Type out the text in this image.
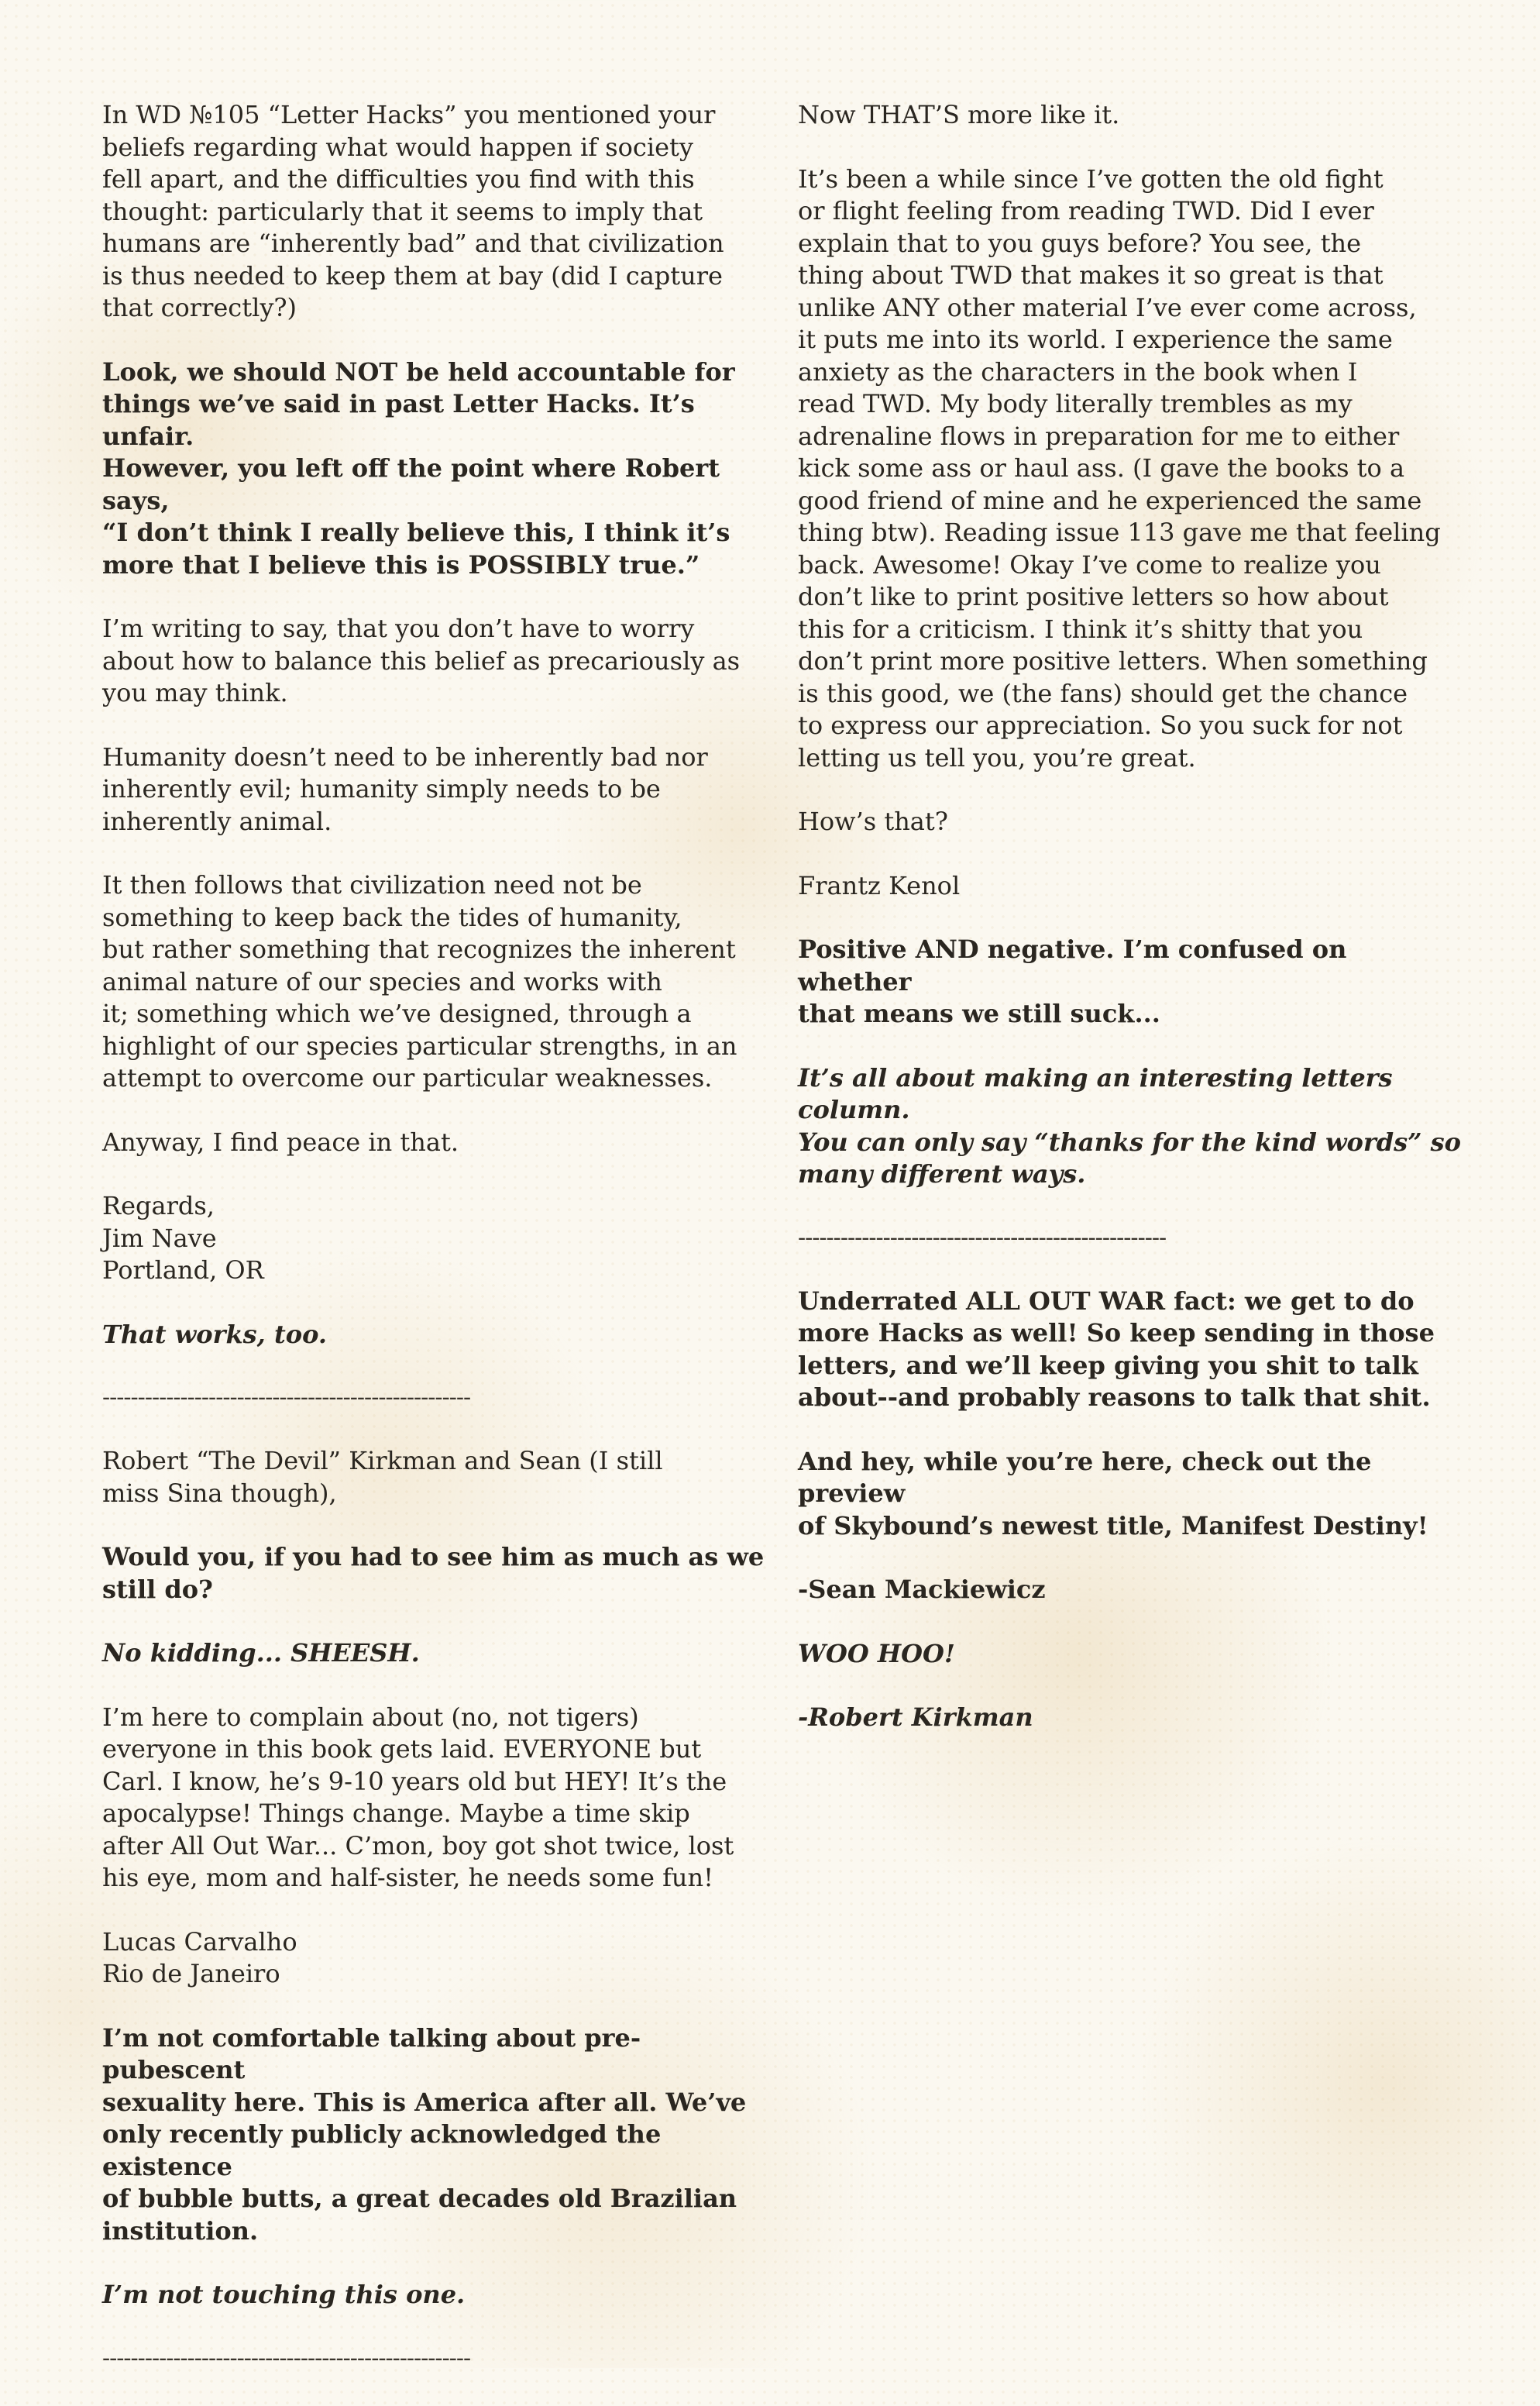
In WD №105 “Letter Hacks” you mentioned your
beliefs regarding what would happen if society
fell apart, and the difficulties you find with this
thought: particularly that it seems to imply that
humans are “inherently bad” and that civilization
is thus needed to keep them at bay (did I capture
that correctly?)

Look, we should NOT be held accountable for
things we’ve said in past Letter Hacks. It’s unfair.
However, you left off the point where Robert says,
“I don’t think I really believe this, I think it’s
more that I believe this is POSSIBLY true.”

I’m writing to say, that you don’t have to worry
about how to balance this belief as precariously as
you may think.

Humanity doesn’t need to be inherently bad nor
inherently evil; humanity simply needs to be
inherently animal.

It then follows that civilization need not be
something to keep back the tides of humanity,
but rather something that recognizes the inherent
animal nature of our species and works with
it; something which we’ve designed, through a
highlight of our species particular strengths, in an
attempt to overcome our particular weaknesses.

Anyway, I find peace in that.

Regards,
Jim Nave
Portland, OR

That works, too.

----------------------------------------------------

Robert “The Devil” Kirkman and Sean (I still
miss Sina though),

Would you, if you had to see him as much as we
still do?

No kidding... SHEESH.

I’m here to complain about (no, not tigers)
everyone in this book gets laid. EVERYONE but
Carl. I know, he’s 9-10 years old but HEY! It’s the
apocalypse! Things change. Maybe a time skip
after All Out War... C’mon, boy got shot twice, lost
his eye, mom and half-sister, he needs some fun!

Lucas Carvalho
Rio de Janeiro

I’m not comfortable talking about pre-pubescent
sexuality here. This is America after all. We’ve
only recently publicly acknowledged the existence
of bubble butts, a great decades old Brazilian
institution.

I’m not touching this one.

----------------------------------------------------

Now THAT’S more like it.

It’s been a while since I’ve gotten the old fight
or flight feeling from reading TWD. Did I ever
explain that to you guys before? You see, the
thing about TWD that makes it so great is that
unlike ANY other material I’ve ever come across,
it puts me into its world. I experience the same
anxiety as the characters in the book when I
read TWD. My body literally trembles as my
adrenaline flows in preparation for me to either
kick some ass or haul ass. (I gave the books to a
good friend of mine and he experienced the same
thing btw). Reading issue 113 gave me that feeling
back. Awesome! Okay I’ve come to realize you
don’t like to print positive letters so how about
this for a criticism. I think it’s shitty that you
don’t print more positive letters. When something
is this good, we (the fans) should get the chance
to express our appreciation. So you suck for not
letting us tell you, you’re great.

How’s that?

Frantz Kenol

Positive AND negative. I’m confused on whether
that means we still suck...

It’s all about making an interesting letters column.
You can only say “thanks for the kind words” so
many different ways.

----------------------------------------------------

Underrated ALL OUT WAR fact: we get to do
more Hacks as well! So keep sending in those
letters, and we’ll keep giving you shit to talk
about--and probably reasons to talk that shit.

And hey, while you’re here, check out the preview
of Skybound’s newest title, Manifest Destiny!

-Sean Mackiewicz

WOO HOO!

-Robert Kirkman
